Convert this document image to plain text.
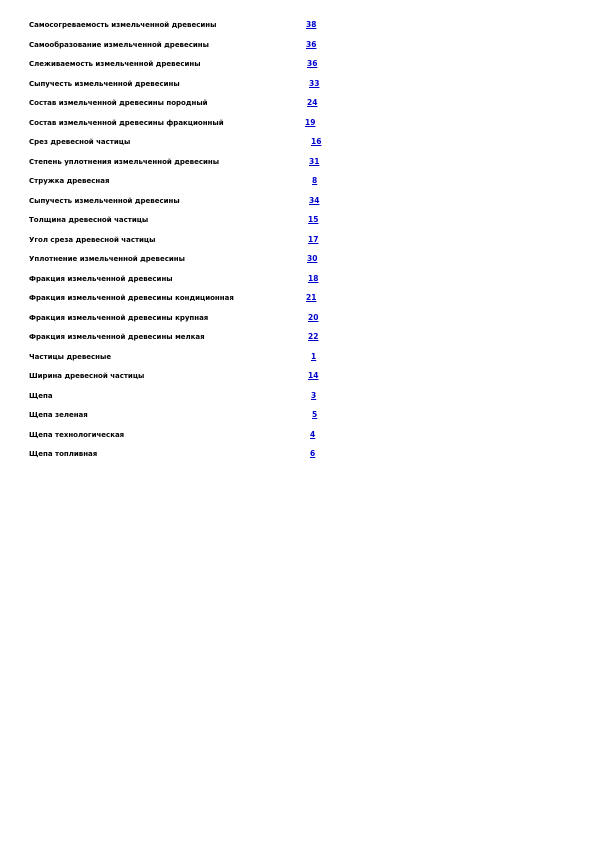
Самосогреваемость измельченной древесины	38
Самообразование измельченной древесины	36
Слеживаемость измельченной древесины	36
Сыпучесть измельченной древесины	33
Состав измельченной древесины породный	24
Состав измельченной древесины фракционный	19
Срез древесной частицы	16
Степень уплотнения измельченной древесины	31
Стружка древесная	8
Сыпучесть измельченной древесины	34
Толщина древесной частицы	15
Угол среза древесной частицы	17
Уплотнение измельченной древесины	30
Фракция измельченной древесины	18
Фракция измельченной древесины кондиционная	21
Фракция измельченной древесины крупная	20
Фракция измельченной древесины мелкая	22
Частицы древесные	1
Ширина древесной частицы	14
Щепа	3
Щепа зеленая	5
Щепа технологическая	4
Щепа топливная	6
